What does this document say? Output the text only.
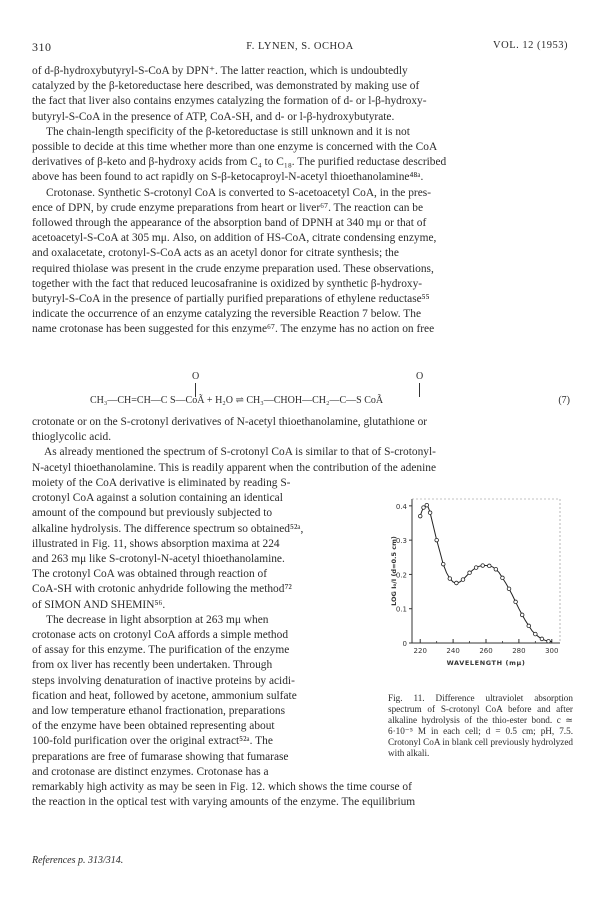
310	F. LYNEN, S. OCHOA	VOL. 12 (1953)
of d-β-hydroxybutyryl-S-CoA by DPN⁺. The latter reaction, which is undoubtedly
catalyzed by the β-ketoreductase here described, was demonstrated by making use of
the fact that liver also contains enzymes catalyzing the formation of d- or l-β-hydroxy-
butyryl-S-CoA in the presence of ATP, CoA-SH, and d- or l-β-hydroxybutyrate.
The chain-length specificity of the β-ketoreductase is still unknown and it is not
possible to decide at this time whether more than one enzyme is concerned with the CoA
derivatives of β-keto and β-hydroxy acids from C₄ to C₁₈. The purified reductase described
above has been found to act rapidly on S-β-ketocaproyl-N-acetyl thioethanolamine⁴⁸ᵃ.
Crotonase. Synthetic S-crotonyl CoA is converted to S-acetoacetyl CoA, in the pres-
ence of DPN, by crude enzyme preparations from heart or liver⁶⁷. The reaction can be
followed through the appearance of the absorption band of DPNH at 340 mμ or that of
acetoacetyl-S-CoA at 305 mμ. Also, on addition of HS-CoA, citrate condensing enzyme,
and oxalacetate, crotonyl-S-CoA acts as an acetyl donor for citrate synthesis; the
required thiolase was present in the crude enzyme preparation used. These observations,
together with the fact that reduced leucosafranine is oxidized by synthetic β-hydroxy-
butyryl-S-CoA in the presence of partially purified preparations of ethylene reductase⁵⁵
indicate the occurrence of an enzyme catalyzing the reversible Reaction 7 below. The
name crotonase has been suggested for this enzyme⁶⁷. The enzyme has no action on free
O	O
CH₃—CH=CH—C S—CoÃ + H₂O ⇌ CH₃—CHOH—CH₂—C—S CoÃ	(7)
crotonate or on the S-crotonyl derivatives of N-acetyl thioethanolamine, glutathione or
thioglycolic acid.
As already mentioned the spectrum of S-crotonyl CoA is similar to that of S-crotonyl-
N-acetyl thioethanolamine. This is readily apparent when the contribution of the adenine
moiety of the CoA derivative is eliminated by reading S-
crotonyl CoA against a solution containing an identical
amount of the compound but previously subjected to
alkaline hydrolysis. The difference spectrum so obtained⁵²ᵃ,
illustrated in Fig. 11, shows absorption maxima at 224
and 263 mμ like S-crotonyl-N-acetyl thioethanolamine.
The crotonyl CoA was obtained through reaction of
CoA-SH with crotonic anhydride following the method⁷²
of SIMON AND SHEMIN⁵⁶.
The decrease in light absorption at 263 mμ when
crotonase acts on crotonyl CoA affords a simple method
of assay for this enzyme. The purification of the enzyme
from ox liver has recently been undertaken. Through
steps involving denaturation of inactive proteins by acidi-
fication and heat, followed by acetone, ammonium sulfate
and low temperature ethanol fractionation, preparations
of the enzyme have been obtained representing about
100-fold purification over the original extract⁵²ᵃ. The
preparations are free of fumarase showing that fumarase
and crotonase are distinct enzymes. Crotonase has a
remarkably high activity as may be seen in Fig. 12. which shows the time course of
the reaction in the optical test with varying amounts of the enzyme. The equilibrium
0
0.1
0.2
0.3
0.4
220	240	260	280	300
WAVELENGTH (mμ)
LOG I₀/I (d=0.5 cm)
Fig. 11. Difference ultraviolet absorption spectrum of S-crotonyl CoA before and after alkaline hydrolysis of the thio-ester bond. c ≃ 6·10⁻⁵ M in each cell; d = 0.5 cm; pH, 7.5. Crotonyl CoA in blank cell previously hydrolyzed with alkali.
References p. 313/314.
